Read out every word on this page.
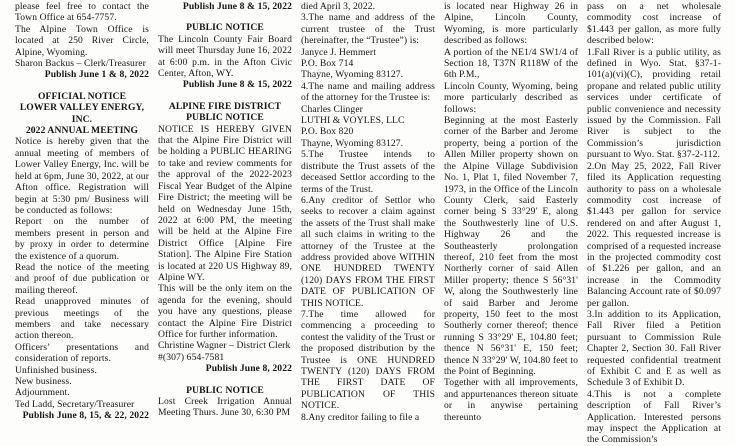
please feel free to contact the Town Office at 654-7757.

The Alpine Town Office is located at 250 River Circle, Alpine, Wyoming.

Sharon Backus – Clerk/Treasurer

Publish June 1 & 8, 2022

OFFICIAL NOTICE

LOWER VALLEY ENERGY, INC.

2022 ANNUAL MEETING

Notice is hereby given that the annual meeting of members of Lower Valley Energy, Inc. will be held at 6pm, June 30, 2022, at our Afton office. Registration will begin at 5:30 pm/ Business will be conducted as follows:

Report on the number of members present in person and by proxy in order to determine the existence of a quorum.

Read the notice of the meeting and proof of due publication or mailing thereof.

Read unapproved minutes of previous meetings of the members and take necessary action thereon.

Officers’ presentations and consideration of reports.

Unfinished business.

New business.

Adjournment.

Ted Ladd, Secretary/Treasurer

Publish June 8, 15, & 22, 2022

Publish June 8 & 15, 2022

PUBLIC NOTICE

The Lincoln County Fair Board will meet Thursday June 16, 2022 at 6:00 p.m. in the Afton Civic Center, Afton, WY.

Publish June 8 & 15, 2022

ALPINE FIRE DISTRICT

PUBLIC NOTICE

NOTICE IS HEREBY GIVEN that the Alpine Fire District will be holding a PUBLIC HEARING to take and review comments for the approval of the 2022-2023 Fiscal Year Budget of the Alpine Fire District; the meeting will be held on Wednesday June 15th, 2022 at 6:00 PM, the meeting will be held at the Alpine Fire District Office [Alpine Fire Station]. The Alpine Fire Station is located at 220 US Highway 89, Alpine WY.

This will be the only item on the agenda for the evening, should you have any questions, please contact the Alpine Fire District Office for further information.

Christine Wagner – District Clerk

#(307) 654-7581

Publish June 8, 2022

PUBLIC NOTICE

Lost Creek Irrigation Annual Meeting Thurs. June 30, 6:30 PM

died April 3, 2022.

3.The name and address of the current trustee of the Trust (hereinafter, the “Trustee”) is:

Janyce J. Hemmert

P.O. Box 714

Thayne, Wyoming 83127.

4.The name and mailing address of the attorney for the Trustee is:

Charles Clinger

LUTHI & VOYLES, LLC

P.O. Box 820

Thayne, Wyoming 83127.

5.The Trustee intends to distribute the Trust assets of the deceased Settlor according to the terms of the Trust.

6.Any creditor of Settlor who seeks to recover a claim against the assets of the Trust shall make all such claims in writing to the attorney of the Trustee at the address provided above WITHIN ONE HUNDRED TWENTY (120) DAYS FROM THE FIRST DATE OF PUBLICATION OF THIS NOTICE.

7.The time allowed for commencing a proceeding to contest the validity of the Trust or the proposed distribution by the Trustee is ONE HUNDRED TWENTY (120) DAYS FROM THE FIRST DATE OF PUBLICATION OF THIS NOTICE.

8.Any creditor failing to file a

is located near Highway 26 in Alpine, Lincoln County, Wyoming, is more particularly described as follows:

A portion of the NE1/4 SW1/4 of Section 18, T37N R118W of the 6th P.M.,

Lincoln County, Wyoming, being more particularly described as follows:

Beginning at the most Easterly corner of the Barber and Jerome property, being a portion of the Allen Miller property shown on the Alpine Village Subdivision No. 1, Plat 1, filed November 7, 1973, in the Office of the Lincoln County Clerk, said Easterly corner being S 33°29' E, along the Southwesterly line of U.S. Highway 26 and the Southeasterly prolongation thereof, 210 feet from the most Northerly corner of said Allen Miller property; thence S 56°31' W, along the Southwesterly line of said Barber and Jerome property, 150 feet to the most Southerly corner thereof; thence running S 33°29' E, 104.80 feet; thence N 56°31' E, 150 feet; thence N 33°29' W, 104.80 feet to the Point of Beginning.

Together with all improvements, and appurtenances thereon situate or in anywise pertaining thereunto

pass on a net wholesale commodity cost increase of $1.443 per gallon, as more fully described below:

1.Fall River is a public utility, as defined in Wyo. Stat. §37-1-101(a)(vi)(C), providing retail propane and related public utility services under certificate of public convenience and necessity issued by the Commission. Fall River is subject to the Commission’s jurisdiction pursuant to Wyo. Stat. §37-2-112.

2.On May 25, 2022, Fall River filed its Application requesting authority to pass on a wholesale commodity cost increase of $1.443 per gallon for service rendered on and after August 1, 2022. This requested increase is comprised of a requested increase in the projected commodity cost of $1.226 per gallon, and an increase in the Commodity Balancing Account rate of $0.097 per gallon.

3.In addition to its Application, Fall River filed a Petition pursuant to Commission Rule Chapter 2, Section 30. Fall River requested confidential treatment of Exhibit C and E as well as Schedule 3 of Exhibit D.

4.This is not a complete description of Fall River’s Application. Interested persons may inspect the Application at the Commission’s
